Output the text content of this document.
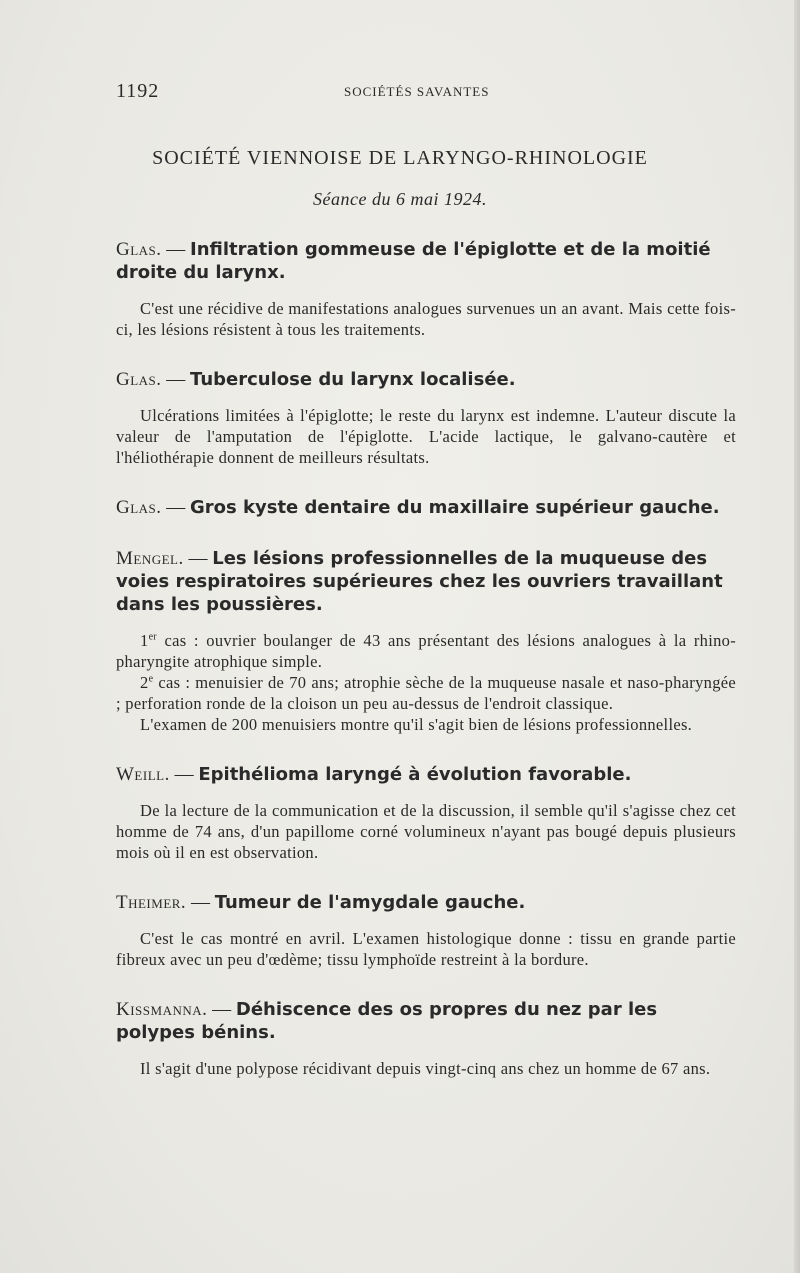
1192	SOCIÉTÉS SAVANTES
SOCIÉTÉ VIENNOISE DE LARYNGO-RHINOLOGIE
Séance du 6 mai 1924.

Glas. — Infiltration gommeuse de l'épiglotte et de la moitié droite du larynx.

C'est une récidive de manifestations analogues survenues un an avant. Mais cette fois-ci, les lésions résistent à tous les traitements.

Glas. — Tuberculose du larynx localisée.

Ulcérations limitées à l'épiglotte; le reste du larynx est indemne. L'auteur discute la valeur de l'amputation de l'épiglotte. L'acide lactique, le galvano-cautère et l'héliothérapie donnent de meilleurs résultats.

Glas. — Gros kyste dentaire du maxillaire supérieur gauche.

Mengel. — Les lésions professionnelles de la muqueuse des voies respiratoires supérieures chez les ouvriers travaillant dans les poussières.

1er cas : ouvrier boulanger de 43 ans présentant des lésions analogues à la rhino-pharyngite atrophique simple.

2e cas : menuisier de 70 ans; atrophie sèche de la muqueuse nasale et naso-pharyngée ; perforation ronde de la cloison un peu au-dessus de l'endroit classique.

L'examen de 200 menuisiers montre qu'il s'agit bien de lésions professionnelles.

Weill. — Epithélioma laryngé à évolution favorable.

De la lecture de la communication et de la discussion, il semble qu'il s'agisse chez cet homme de 74 ans, d'un papillome corné volumineux n'ayant pas bougé depuis plusieurs mois où il en est observation.

Theimer. — Tumeur de l'amygdale gauche.

C'est le cas montré en avril. L'examen histologique donne : tissu en grande partie fibreux avec un peu d'œdème; tissu lymphoïde restreint à la bordure.

Kissmanna. — Déhiscence des os propres du nez par les polypes bénins.

Il s'agit d'une polypose récidivant depuis vingt-cinq ans chez un homme de 67 ans.
